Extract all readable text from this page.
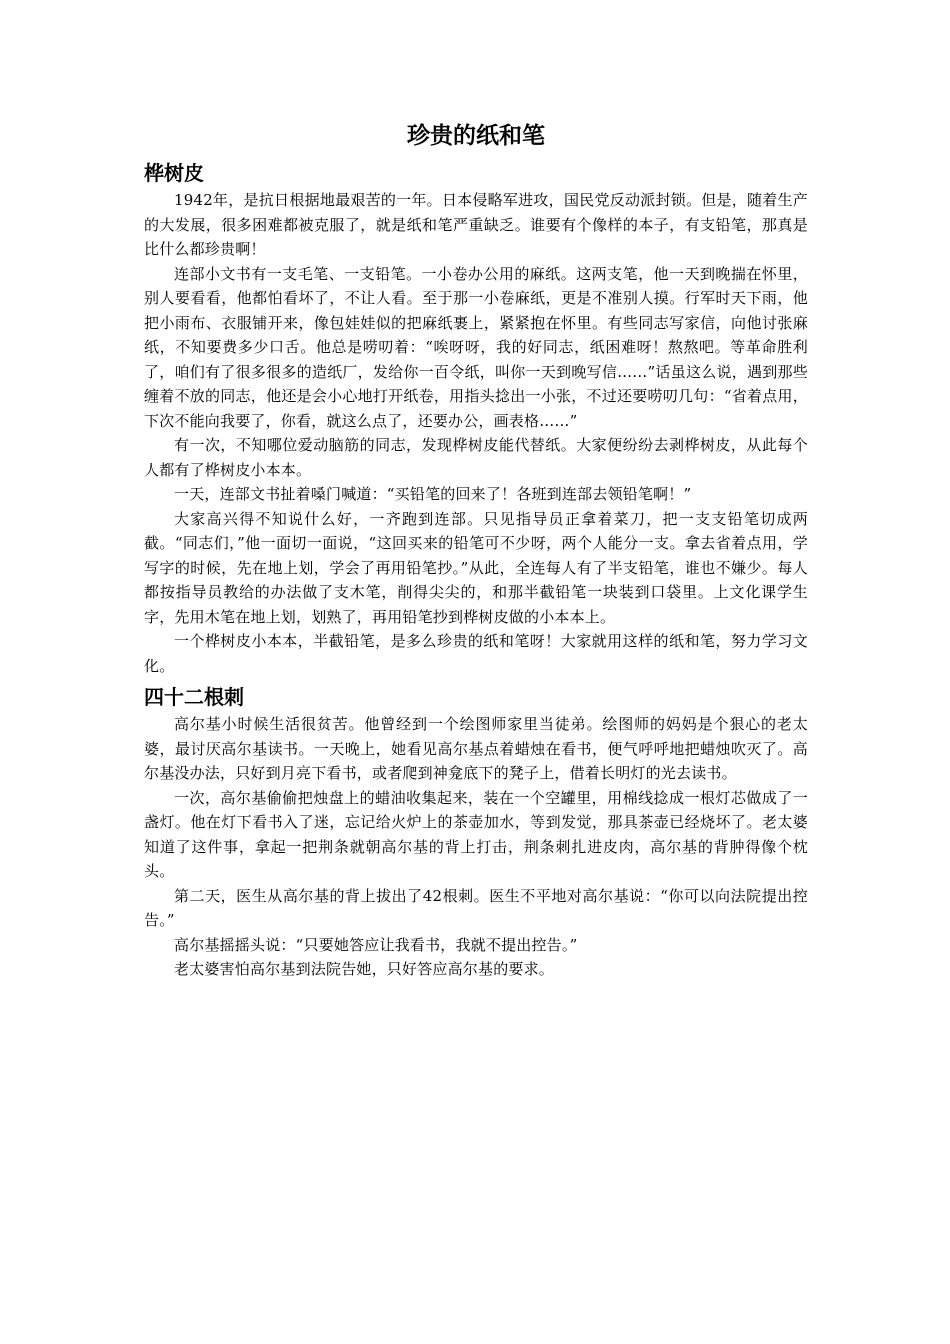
珍贵的纸和笔
桦树皮

1942年，是抗日根据地最艰苦的一年。日本侵略军进攻，国民党反动派封锁。但是，随着生产的大发展，很多困难都被克服了，就是纸和笔严重缺乏。谁要有个像样的本子，有支铅笔，那真是比什么都珍贵啊！

连部小文书有一支毛笔、一支铅笔。一小卷办公用的麻纸。这两支笔，他一天到晚揣在怀里，别人要看看，他都怕看坏了，不让人看。至于那一小卷麻纸，更是不准别人摸。行军时天下雨，他把小雨布、衣服铺开来，像包娃娃似的把麻纸裹上，紧紧抱在怀里。有些同志写家信，向他讨张麻纸，不知要费多少口舌。他总是唠叨着：“唉呀呀，我的好同志，纸困难呀！熬熬吧。等革命胜利了，咱们有了很多很多的造纸厂，发给你一百令纸，叫你一天到晚写信……”话虽这么说，遇到那些缠着不放的同志，他还是会小心地打开纸卷，用指头捻出一小张，不过还要唠叨几句：“省着点用，下次不能向我要了，你看，就这么点了，还要办公，画表格……”

有一次，不知哪位爱动脑筋的同志，发现桦树皮能代替纸。大家便纷纷去剥桦树皮，从此每个人都有了桦树皮小本本。

一天，连部文书扯着嗓门喊道：“买铅笔的回来了！各班到连部去领铅笔啊！”

大家高兴得不知说什么好，一齐跑到连部。只见指导员正拿着菜刀，把一支支铅笔切成两截。“同志们，”他一面切一面说，“这回买来的铅笔可不少呀，两个人能分一支。拿去省着点用，学写字的时候，先在地上划，学会了再用铅笔抄。”从此，全连每人有了半支铅笔，谁也不嫌少。每人都按指导员教给的办法做了支木笔，削得尖尖的，和那半截铅笔一块装到口袋里。上文化课学生字，先用木笔在地上划，划熟了，再用铅笔抄到桦树皮做的小本本上。

一个桦树皮小本本，半截铅笔，是多么珍贵的纸和笔呀！大家就用这样的纸和笔，努力学习文化。

四十二根刺

高尔基小时候生活很贫苦。他曾经到一个绘图师家里当徒弟。绘图师的妈妈是个狠心的老太婆，最讨厌高尔基读书。一天晚上，她看见高尔基点着蜡烛在看书，便气呼呼地把蜡烛吹灭了。高尔基没办法，只好到月亮下看书，或者爬到神龛底下的凳子上，借着长明灯的光去读书。

一次，高尔基偷偷把烛盘上的蜡油收集起来，装在一个空罐里，用棉线捻成一根灯芯做成了一盏灯。他在灯下看书入了迷，忘记给火炉上的茶壶加水，等到发觉，那具茶壶已经烧坏了。老太婆知道了这件事，拿起一把荆条就朝高尔基的背上打击，荆条刺扎进皮肉，高尔基的背肿得像个枕头。

第二天，医生从高尔基的背上拔出了42根刺。医生不平地对高尔基说：“你可以向法院提出控告。”

高尔基摇摇头说：“只要她答应让我看书，我就不提出控告。”

老太婆害怕高尔基到法院告她，只好答应高尔基的要求。
